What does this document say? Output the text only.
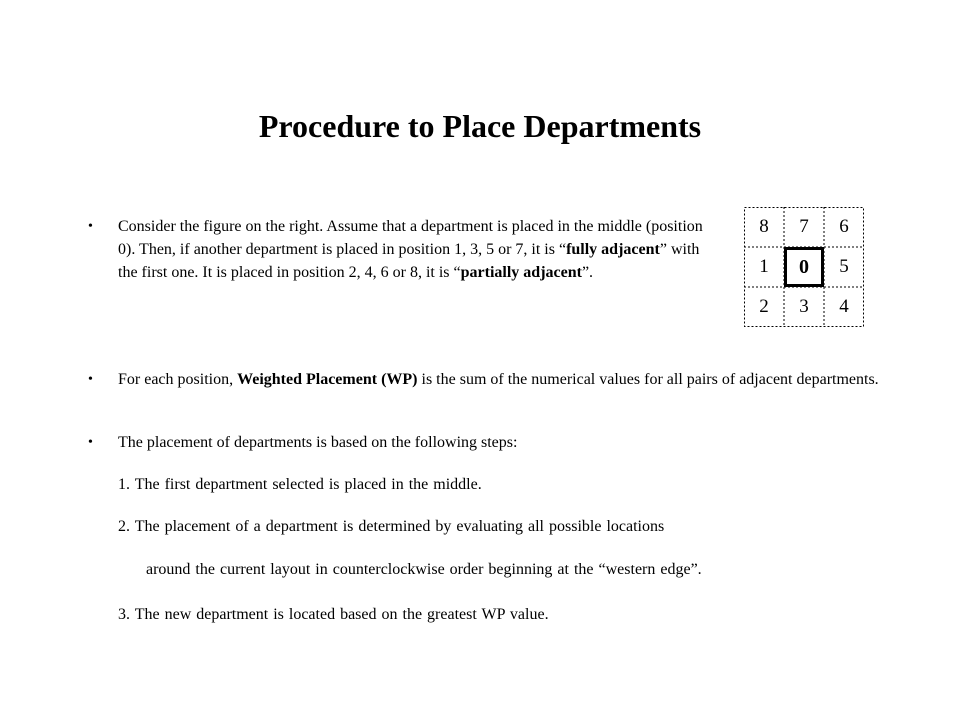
Procedure to Place Departments
• Consider the figure on the right. Assume that a department is placed in the middle (position 0). Then, if another department is placed in position 1, 3, 5 or 7, it is “fully adjacent” with the first one. It is placed in position 2, 4, 6 or 8, it is “partially adjacent”.
8	7	6
1	0	5
2	3	4
• For each position, Weighted Placement (WP) is the sum of the numerical values for all pairs of adjacent departments.
• The placement of departments is based on the following steps:
1. The first department selected is placed in the middle.
2. The placement of a department is determined by evaluating all possible locations
around the current layout in counterclockwise order beginning at the “western edge”.
3. The new department is located based on the greatest WP value.
